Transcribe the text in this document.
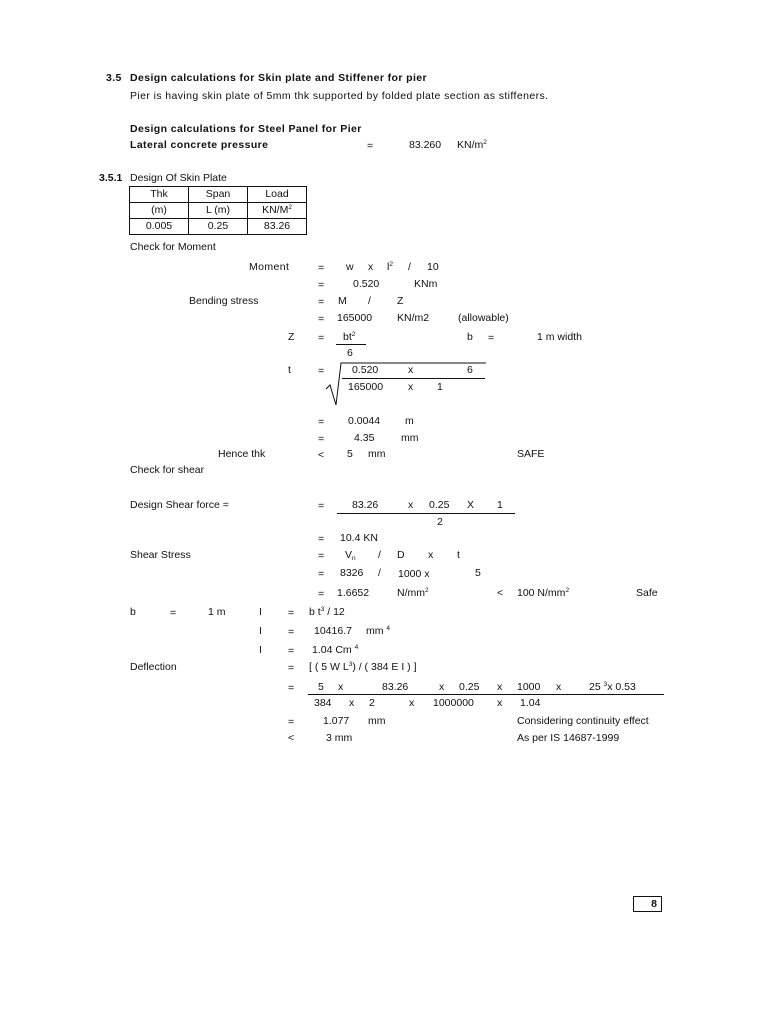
3.5 Design calculations for Skin plate and Stiffener for pier
Pier is having skin plate of 5mm thk supported by folded plate section as stiffeners.
Design calculations for Steel Panel for Pier
Lateral concrete pressure	=	83.260 $KN/m^2$
3.5.1 Design Of Skin Plate
Thk	Span	Load
(m)	L (m)	$KN/M^2$
0.005	0.25	83.26
Check for Moment
Moment	= w x $l^2 / 10$
=	0.520	KNm
Bending stress	= M / Z
= 165000 KN/m2	(allowable)
$Z = bt^2$
6
b =	1 m width
t	=	0.520	x	6
165000 x 1
= 0.0044 m
=	4.35	mm
Hence thk	< 5 mm	SAFE
Check for shear
Design Shear force =	=	83.26	x 0.25 X 1
2
= 10.4 KN
Shear Stress	= $V_n$ / D x t
= 8326 / 1000 x	5
= 1.6652	$N/mm^2$	< 100 $N/mm^2$	Safe
b	=	1 m	I = b $t^3 / 12$
I = 10416.7 mm $^4$
I = 1.04 Cm $^4$
Deflection	= [ ( 5 W $L^3$) / ( 384 E I ) ]
= 5 x	83.26	x 0.25 x 1000 x	25 $^3$x 0.53
384 x 2	x 1000000 x 1.04
=	1.077 mm	Considering continuity effect
<	3 mm	As per IS 14687-1999
8
